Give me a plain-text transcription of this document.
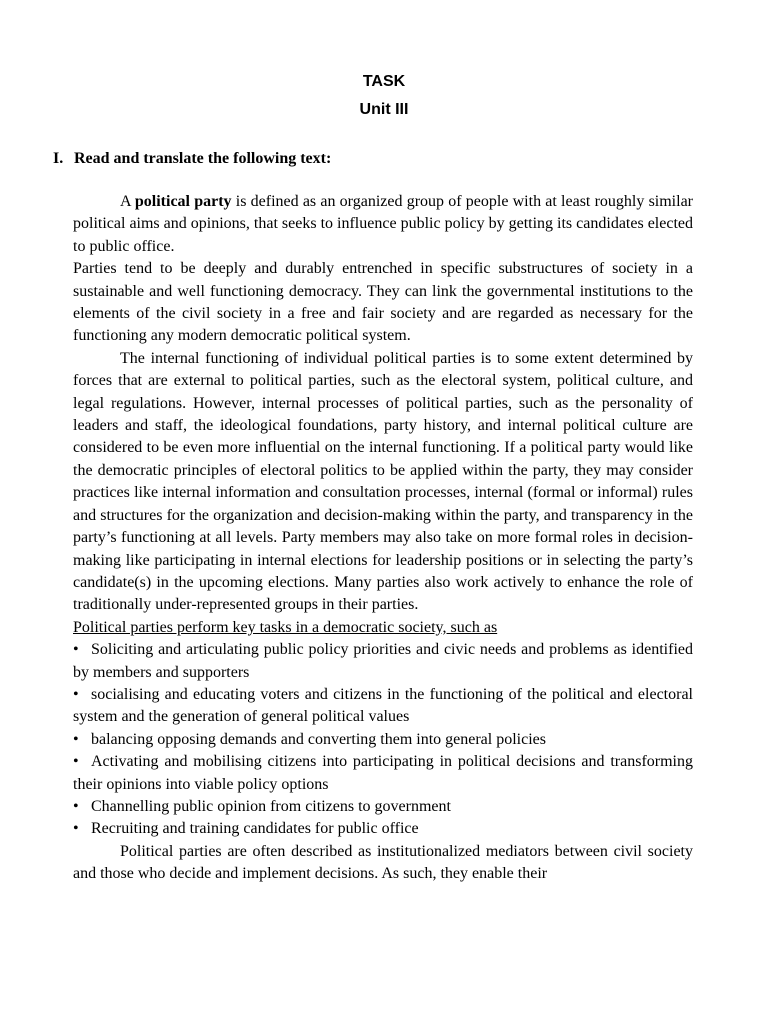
TASK
Unit III
I. Read and translate the following text:

A political party is defined as an organized group of people with at least roughly similar political aims and opinions, that seeks to influence public policy by getting its candidates elected to public office.

Parties tend to be deeply and durably entrenched in specific substructures of society in a sustainable and well functioning democracy. They can link the governmental institutions to the elements of the civil society in a free and fair society and are regarded as necessary for the functioning any modern democratic political system.

The internal functioning of individual political parties is to some extent determined by forces that are external to political parties, such as the electoral system, political culture, and legal regulations. However, internal processes of political parties, such as the personality of leaders and staff, the ideological foundations, party history, and internal political culture are considered to be even more influential on the internal functioning. If a political party would like the democratic principles of electoral politics to be applied within the party, they may consider practices like internal information and consultation processes, internal (formal or informal) rules and structures for the organization and decision-making within the party, and transparency in the party’s functioning at all levels. Party members may also take on more formal roles in decision-making like participating in internal elections for leadership positions or in selecting the party’s candidate(s) in the upcoming elections. Many parties also work actively to enhance the role of traditionally under-represented groups in their parties.

Political parties perform key tasks in a democratic society, such as

• Soliciting and articulating public policy priorities and civic needs and problems as identified by members and supporters

• socialising and educating voters and citizens in the functioning of the political and electoral system and the generation of general political values

• balancing opposing demands and converting them into general policies

• Activating and mobilising citizens into participating in political decisions and transforming their opinions into viable policy options

• Channelling public opinion from citizens to government

• Recruiting and training candidates for public office

Political parties are often described as institutionalized mediators between civil society and those who decide and implement decisions. As such, they enable their
